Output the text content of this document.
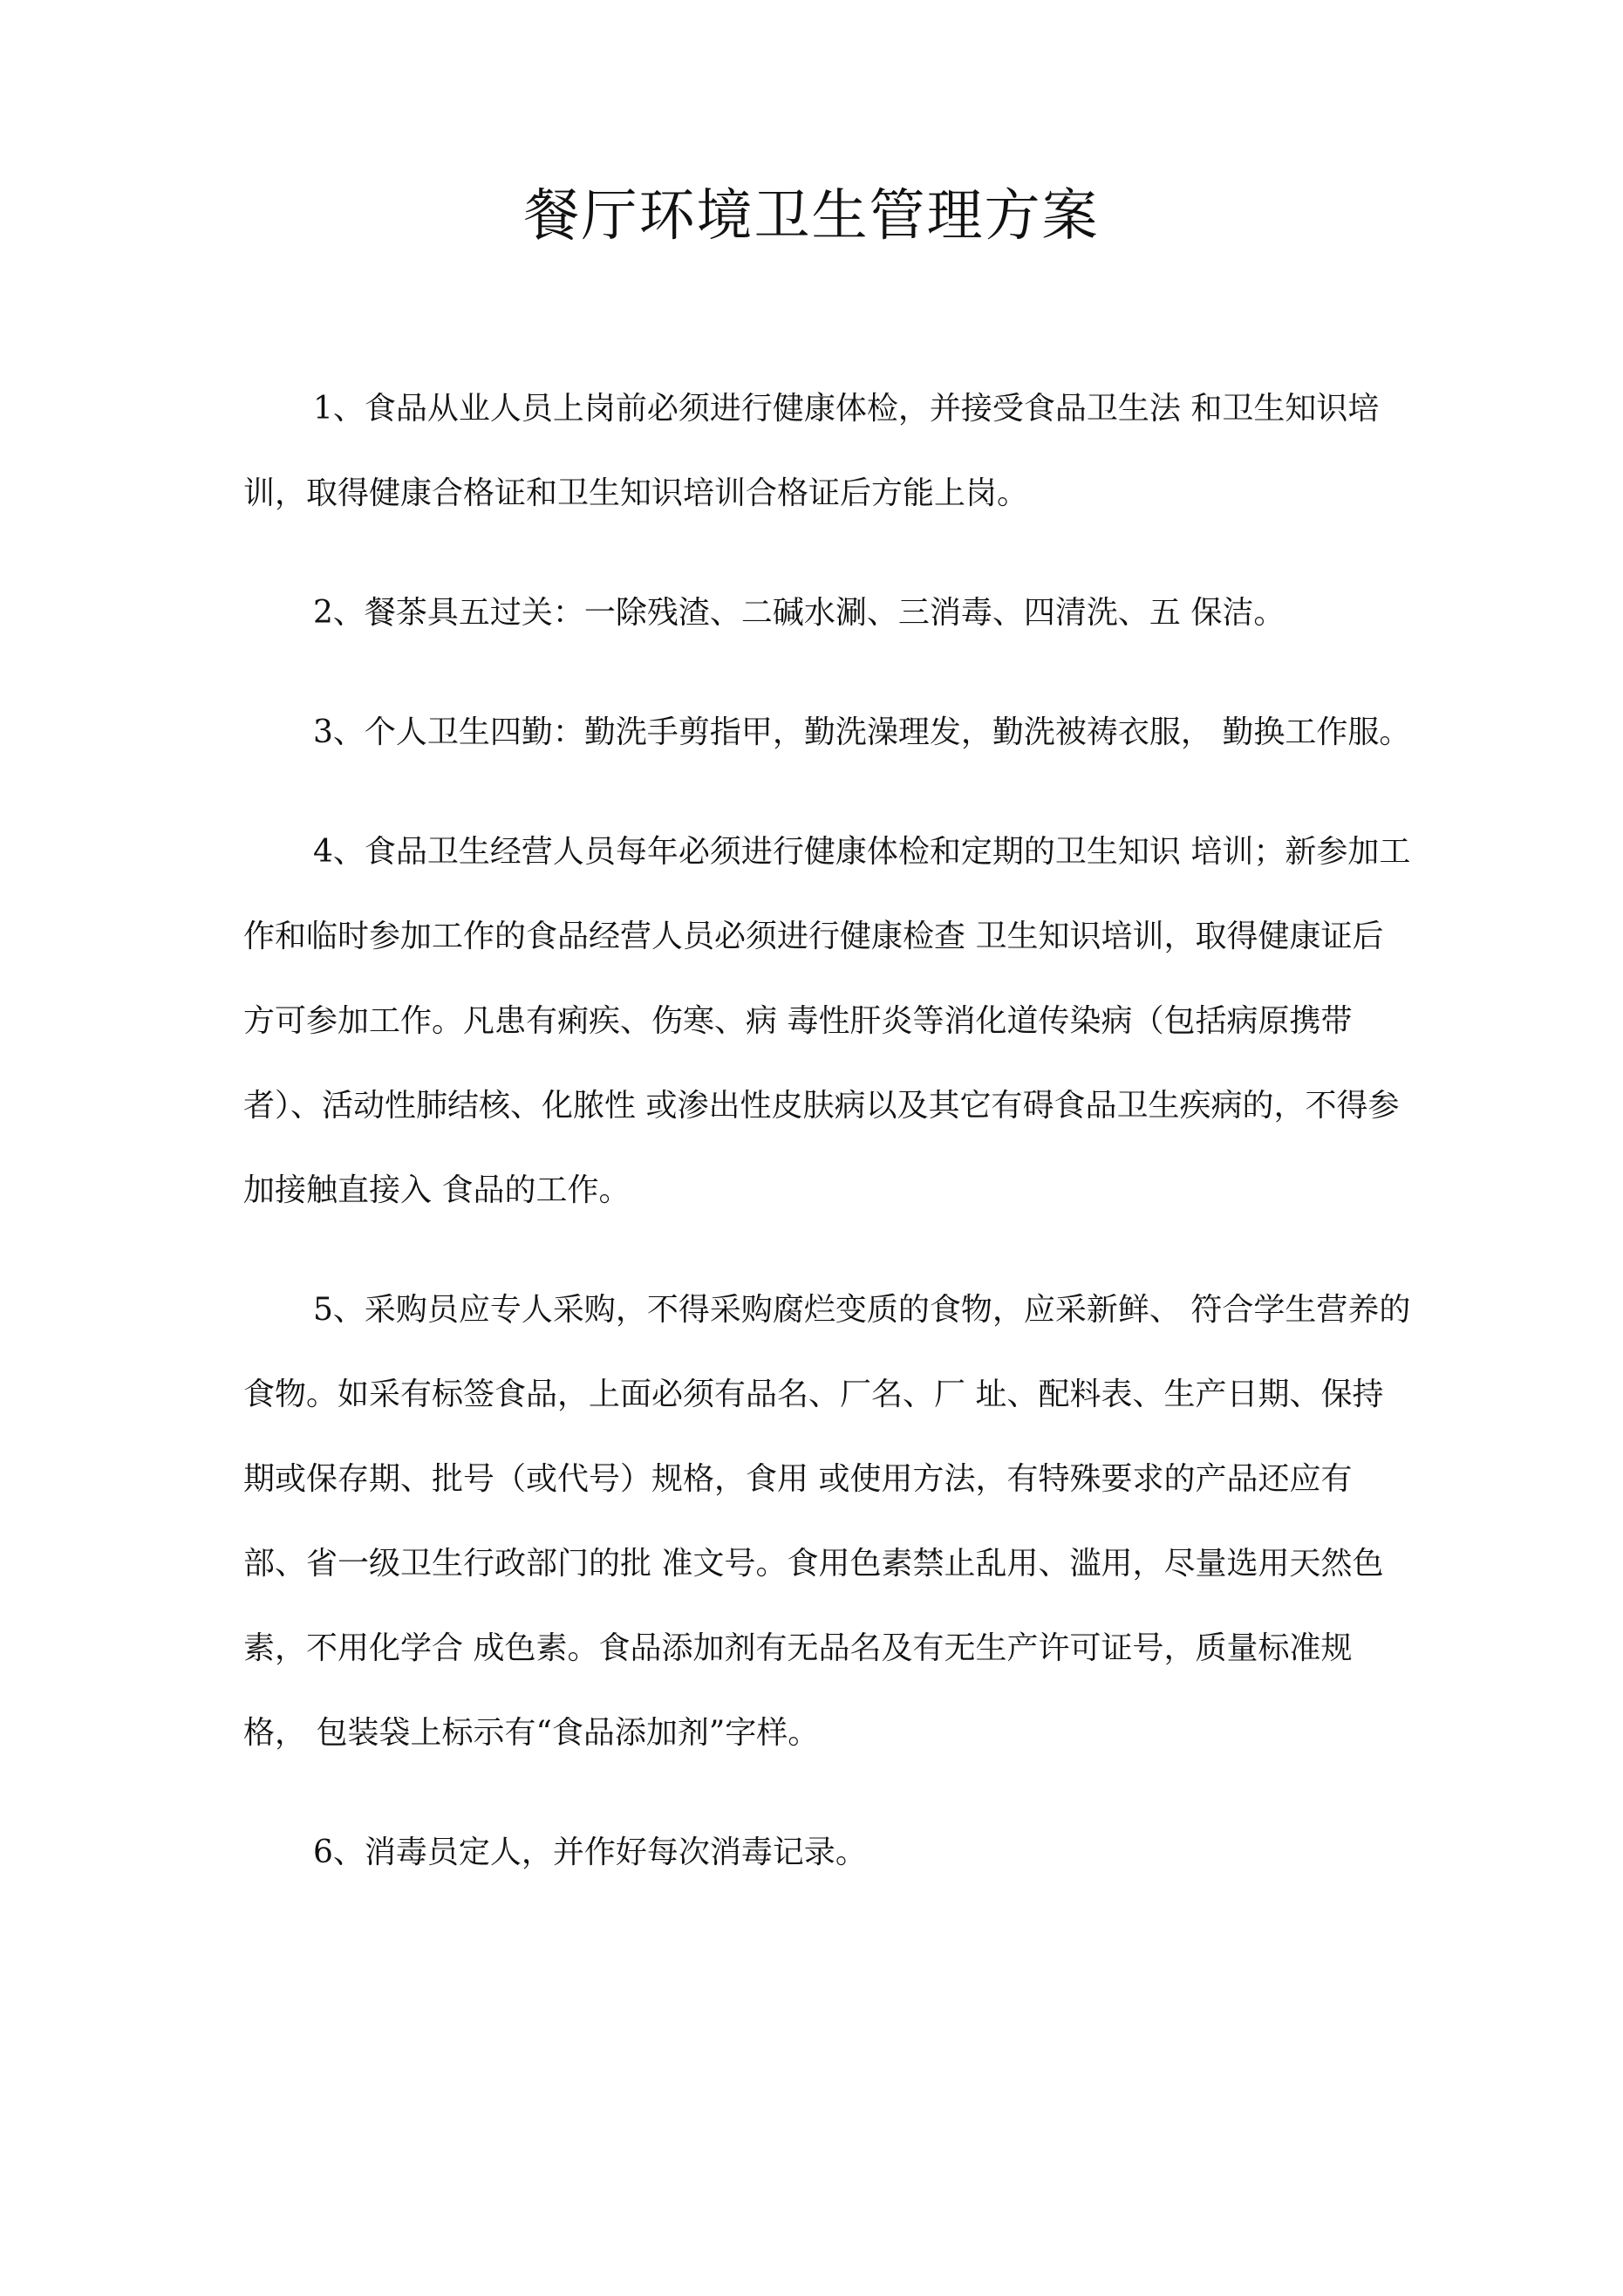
餐厅环境卫生管理方案

1、食品从业人员上岗前必须进行健康体检，并接受食品卫生法 和卫生知识培训，取得健康合格证和卫生知识培训合格证后方能上岗。

2、餐茶具五过关：一除残渣、二碱水涮、三消毒、四清洗、五 保洁。

3、个人卫生四勤：勤洗手剪指甲，勤洗澡理发，勤洗被祷衣服， 勤换工作服。

4、食品卫生经营人员每年必须进行健康体检和定期的卫生知识 培训；新参加工作和临时参加工作的食品经营人员必须进行健康检查 卫生知识培训，取得健康证后方可参加工作。凡患有痢疾、伤寒、病 毒性肝炎等消化道传染病（包括病原携带者）、活动性肺结核、化脓性 或渗出性皮肤病以及其它有碍食品卫生疾病的，不得参加接触直接入 食品的工作。

5、采购员应专人采购，不得采购腐烂变质的食物，应采新鲜、 符合学生营养的食物。如采有标签食品，上面必须有品名、厂名、厂 址、配料表、生产日期、保持期或保存期、批号（或代号）规格，食用 或使用方法，有特殊要求的产品还应有部、省一级卫生行政部门的批 准文号。食用色素禁止乱用、滥用，尽量选用天然色素，不用化学合 成色素。食品添加剂有无品名及有无生产许可证号，质量标准规格， 包装袋上标示有“食品添加剂”字样。

6、消毒员定人，并作好每次消毒记录。
